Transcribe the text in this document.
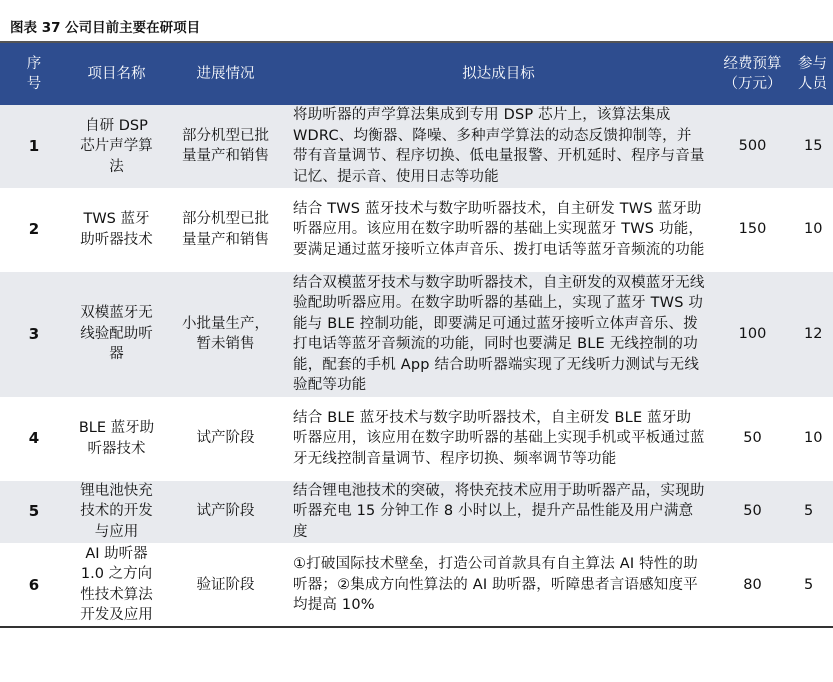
图表 37 公司目前主要在研项目
序号	项目名称	进展情况	拟达成目标	经费预算（万元）	参与人员
1	自研 DSP 芯片声学算法	部分机型已批量量产和销售	将助听器的声学算法集成到专用 DSP 芯片上，该算法集成 WDRC、均衡器、降噪、多种声学算法的动态反馈抑制等，并带有音量调节、程序切换、低电量报警、开机延时、程序与音量记忆、提示音、使用日志等功能	500	15
2	TWS 蓝牙助听器技术	部分机型已批量量产和销售	结合 TWS 蓝牙技术与数字助听器技术，自主研发 TWS 蓝牙助听器应用。该应用在数字助听器的基础上实现蓝牙 TWS 功能，要满足通过蓝牙接听立体声音乐、拨打电话等蓝牙音频流的功能	150	10
3	双模蓝牙无线验配助听器	小批量生产，暂未销售	结合双模蓝牙技术与数字助听器技术，自主研发的双模蓝牙无线验配助听器应用。在数字助听器的基础上，实现了蓝牙 TWS 功能与 BLE 控制功能，即要满足可通过蓝牙接听立体声音乐、拨打电话等蓝牙音频流的功能，同时也要满足 BLE 无线控制的功能，配套的手机 App 结合助听器端实现了无线听力测试与无线验配等功能	100	12
4	BLE 蓝牙助听器技术	试产阶段	结合 BLE 蓝牙技术与数字助听器技术，自主研发 BLE 蓝牙助听器应用，该应用在数字助听器的基础上实现手机或平板通过蓝牙无线控制音量调节、程序切换、频率调节等功能	50	10
5	锂电池快充技术的开发与应用	试产阶段	结合锂电池技术的突破，将快充技术应用于助听器产品，实现助听器充电 15 分钟工作 8 小时以上，提升产品性能及用户满意度	50	5
6	AI 助听器 1.0 之方向性技术算法开发及应用	验证阶段	①打破国际技术壁垒，打造公司首款具有自主算法 AI 特性的助听器；②集成方向性算法的 AI 助听器，听障患者言语感知度平均提高 10%	80	5
